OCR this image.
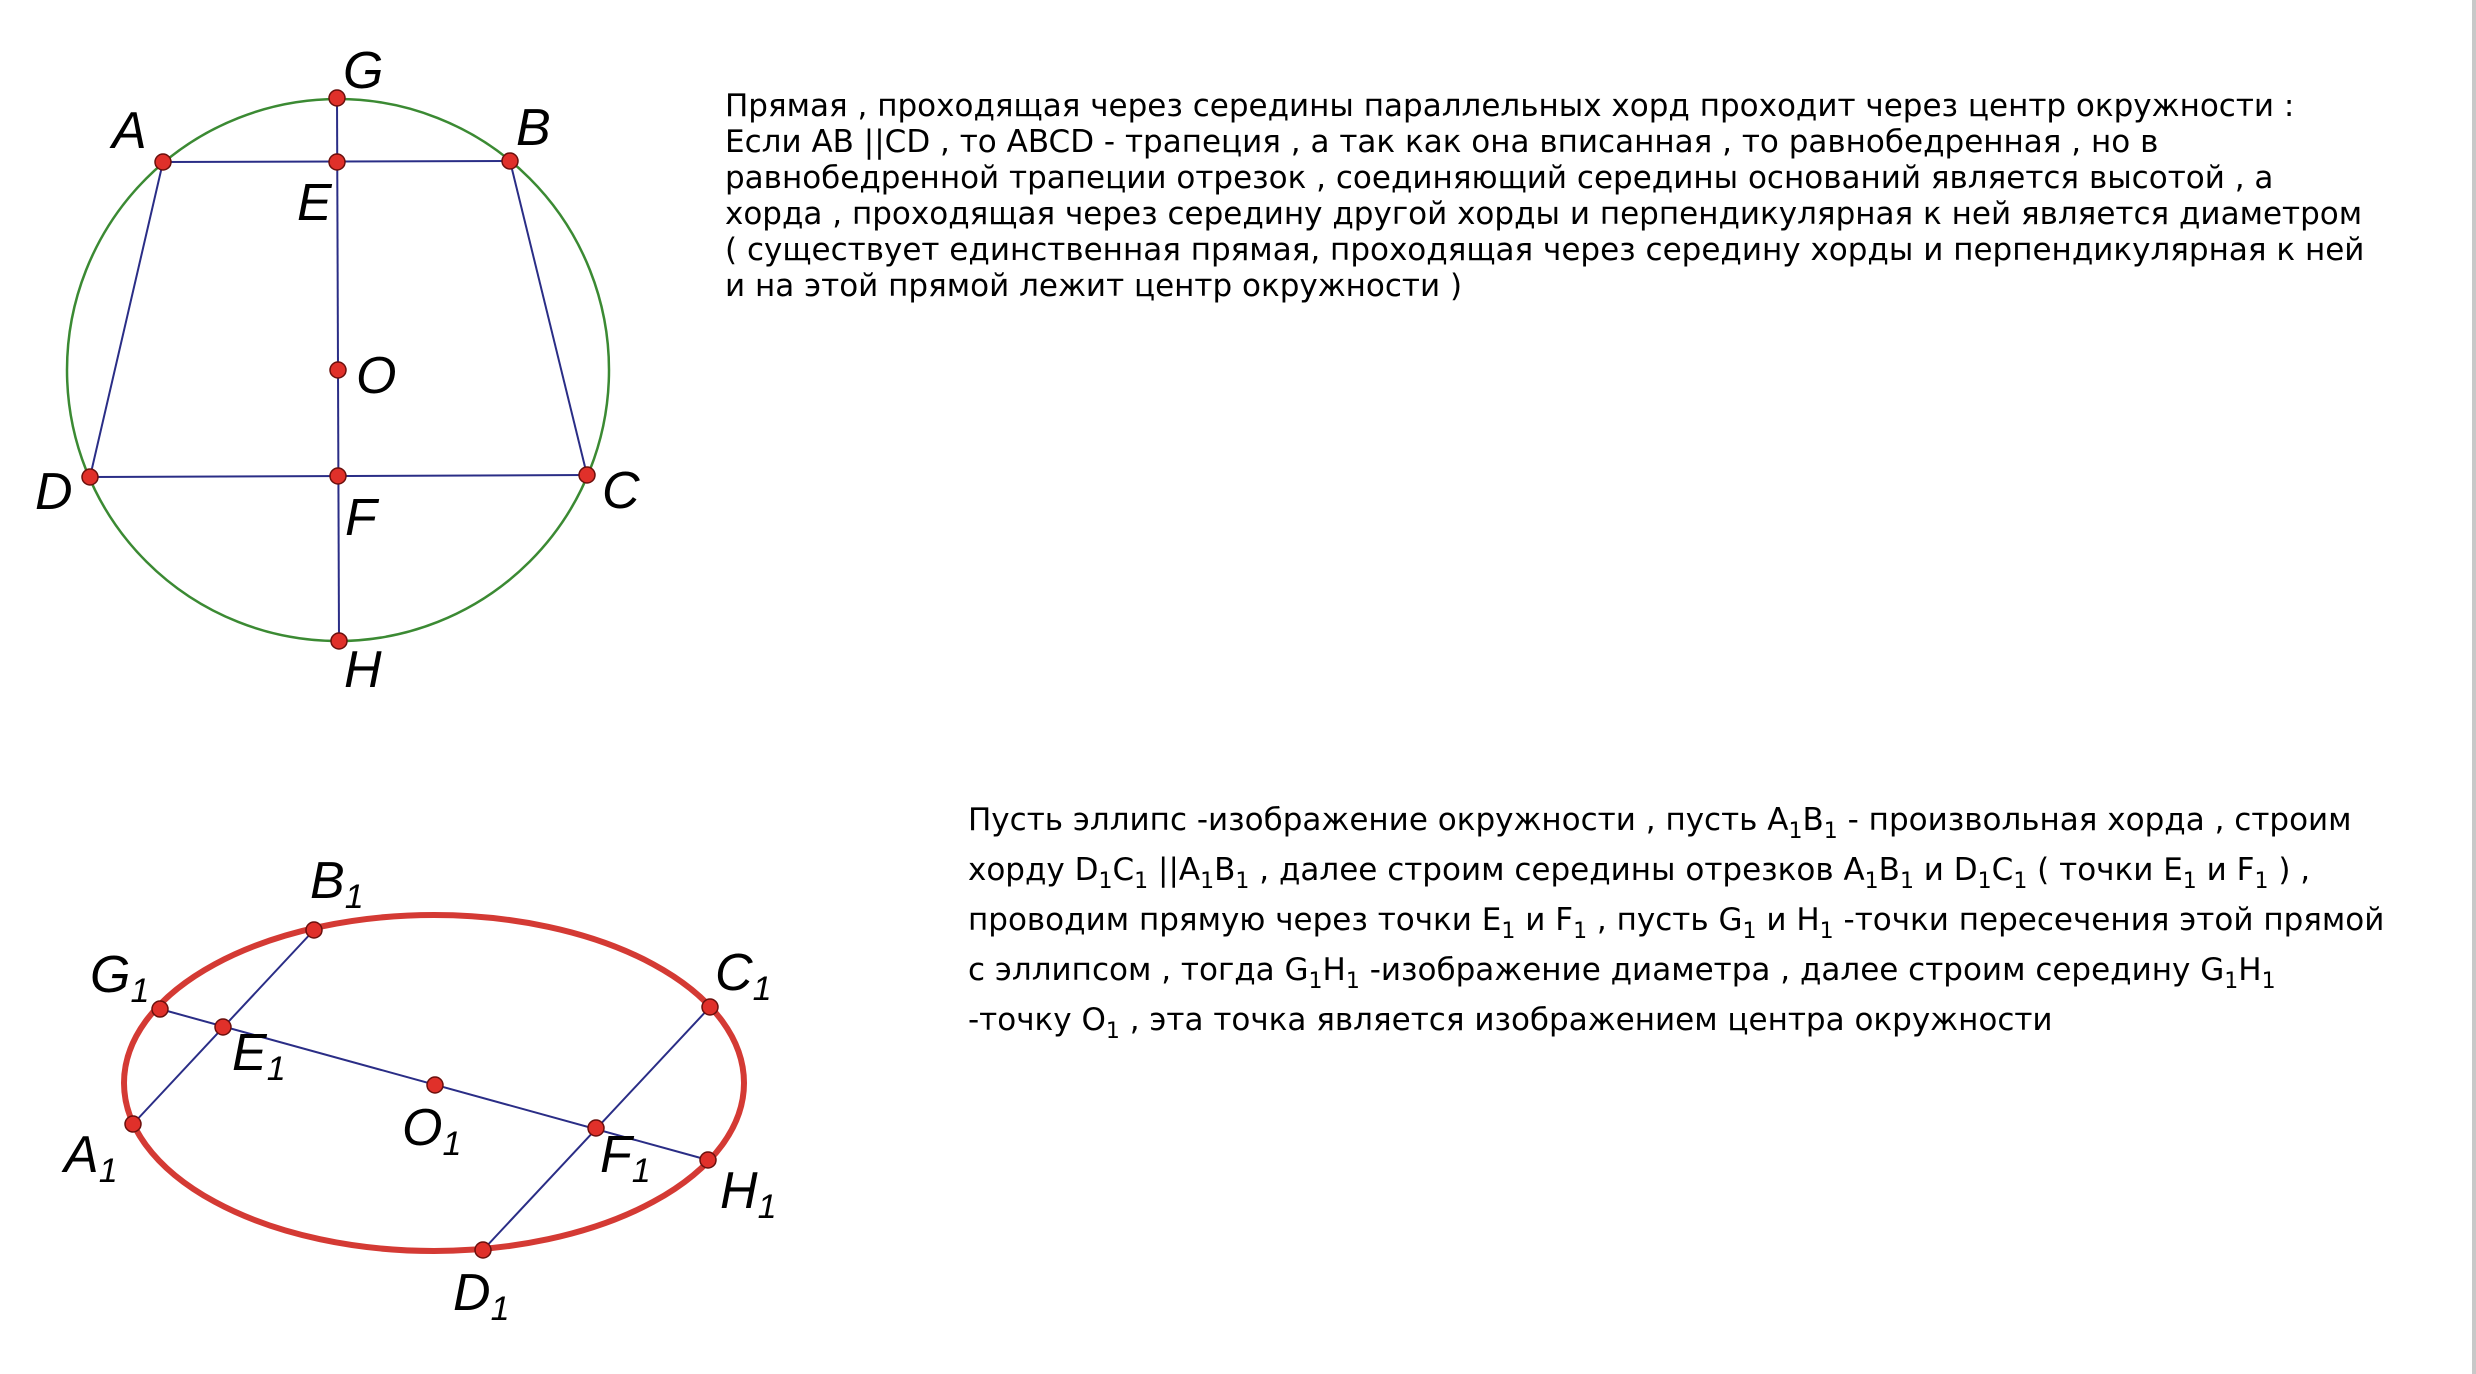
G
A	B
E
O
D	C
F
H
B1
G1	C1
E1
O1
A1	F1 H1
D1
Прямая , проходящая через середины параллельных хорд проходит через центр окружности :
Если AB ||CD , то ABCD - трапеция , а так как она вписанная , то равнобедренная , но в
равнобедренной трапеции отрезок , соединяющий середины оснований является высотой , а
хорда , проходящая через середину другой хорды и перпендикулярная к ней является диаметром
( существует единственная прямая, проходящая через середину хорды и перпендикулярная к ней
и на этой прямой лежит центр окружности )
Пусть эллипс -изображение окружности , пусть $A_1B_1$ - произвольная хорда , строим
хорду $D_1C_1$ $||A_1B_1$ , далее строим середины отрезков $A_1B_1$ и $D_1C_1$ ( точки $E_1$ и $F_1$ ) ,
проводим прямую через точки $E_1$ и $F_1$ , пусть $G_1$ и $H_1$ -точки пересечения этой прямой
с эллипсом , тогда $G_1H_1$ -изображение диаметра , далее строим середину $G_1H_1$
-точку $O_1$ , эта точка является изображением центра окружности
